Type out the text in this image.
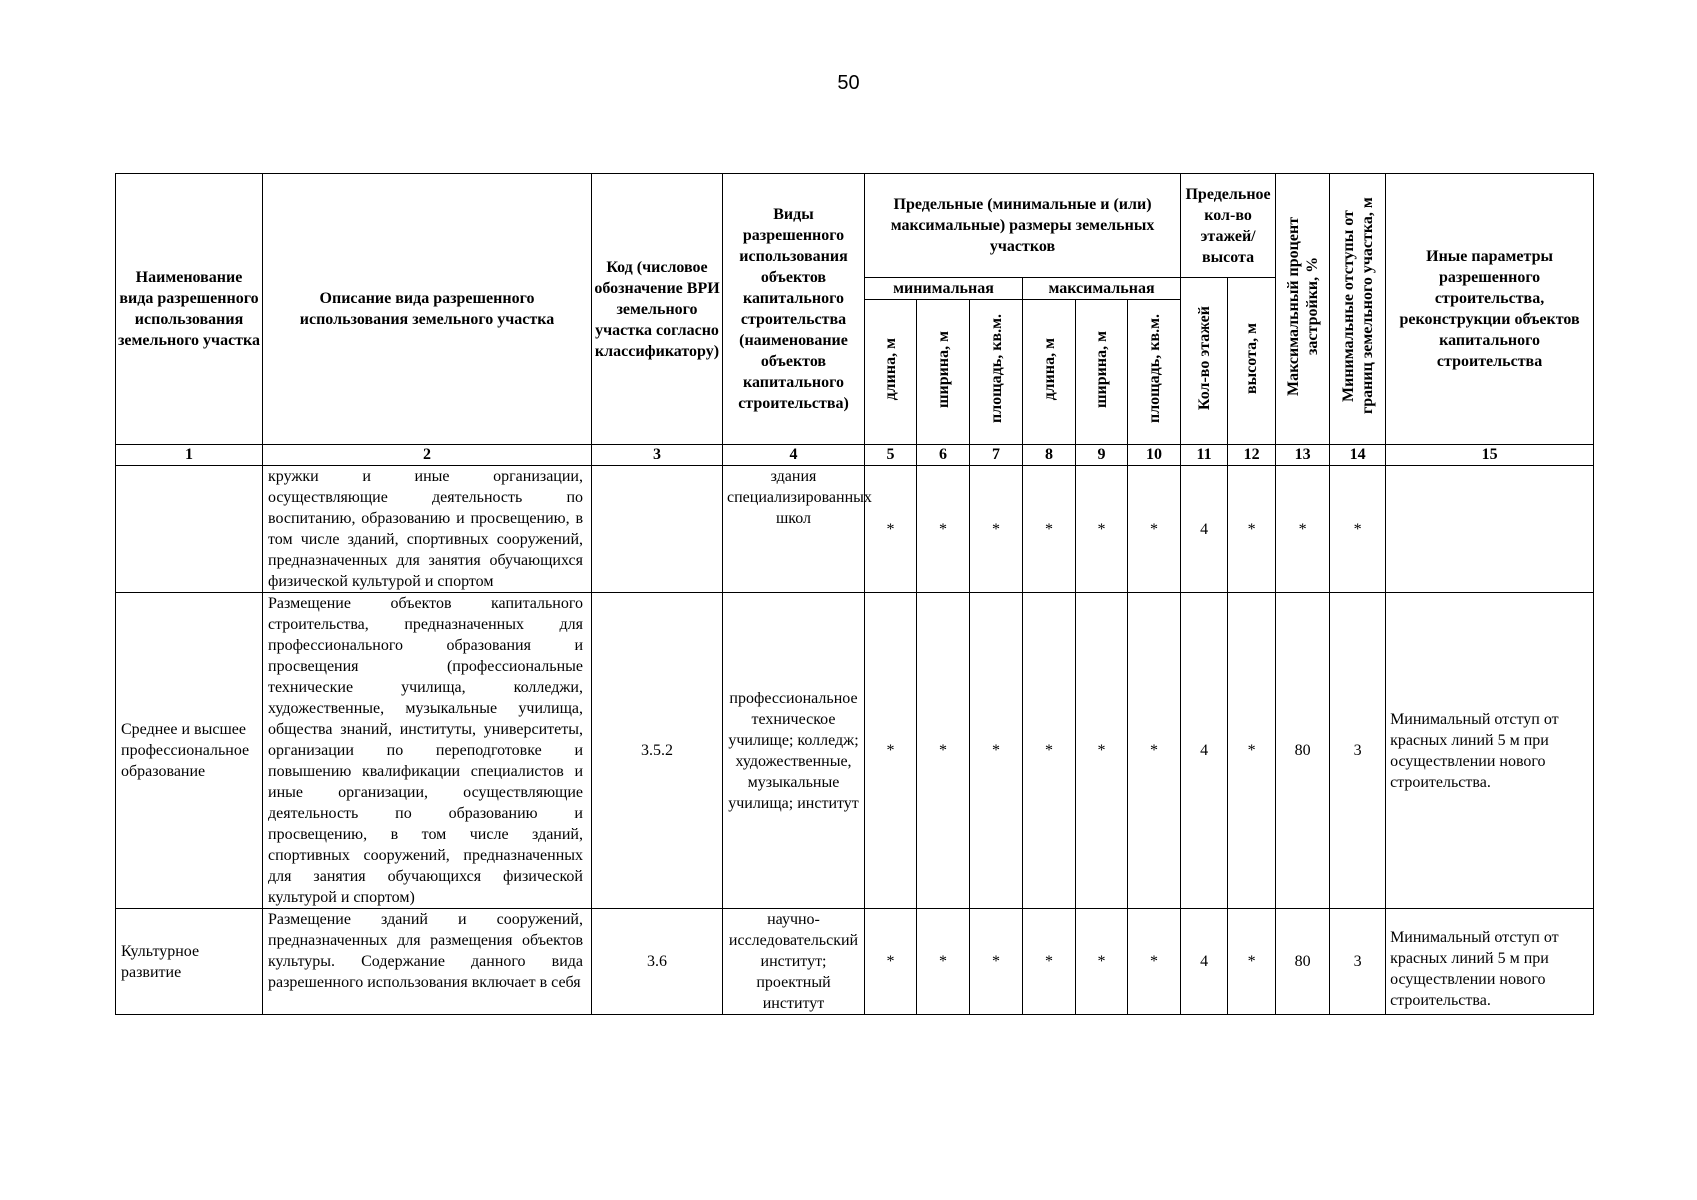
50
Наименование вида разрешенного использования земельного участка	Описание вида разрешенного использования земельного участка	Код (числовое обозначение ВРИ земельного участка согласно классификатору)	Виды разрешенного использования объектов капитального строительства (наименование объектов капитального строительства)	Предельные (минимальные и (или) максимальные) размеры земельных участков						Предельное кол-во этажей/ высота		Максимальный процент застройки, %	Минимальные отступы от границ земельного участка, м	Иные параметры разрешенного строительства, реконструкции объектов капитального строительства
				минимальная			максимальная			Кол-во этажей	высота, м			
				длина, м	ширина, м	площадь, кв.м.	длина, м	ширина, м	площадь, кв.м.					
1	2	3	4	5	6	7	8	9	10	11	12	13	14	15
	кружки и иные организации, осуществляющие деятельность по воспитанию, образованию и просвещению, в том числе зданий, спортивных сооружений, предназначенных для занятия обучающихся физической культурой и спортом		здания специализированных школ	*	*	*	*	*	*	4	*	*	*	
Среднее и высшее профессиональное образование	Размещение объектов капитального строительства, предназначенных для профессионального образования и просвещения (профессиональные технические училища, колледжи, художественные, музыкальные училища, общества знаний, институты, университеты, организации по переподготовке и повышению квалификации специалистов и иные организации, осуществляющие деятельность по образованию и просвещению, в том числе зданий, спортивных сооружений, предназначенных для занятия обучающихся физической культурой и спортом)	3.5.2	профессиональное техническое училище; колледж; художественные, музыкальные училища; институт	*	*	*	*	*	*	4	*	80	3	Минимальный отступ от красных линий 5 м при осуществлении нового строительства.
Культурное развитие	Размещение зданий и сооружений, предназначенных для размещения объектов культуры. Содержание данного вида разрешенного использования включает в себя	3.6	научно-исследовательский институт; проектный институт	*	*	*	*	*	*	4	*	80	3	Минимальный отступ от красных линий 5 м при осуществлении нового строительства.
